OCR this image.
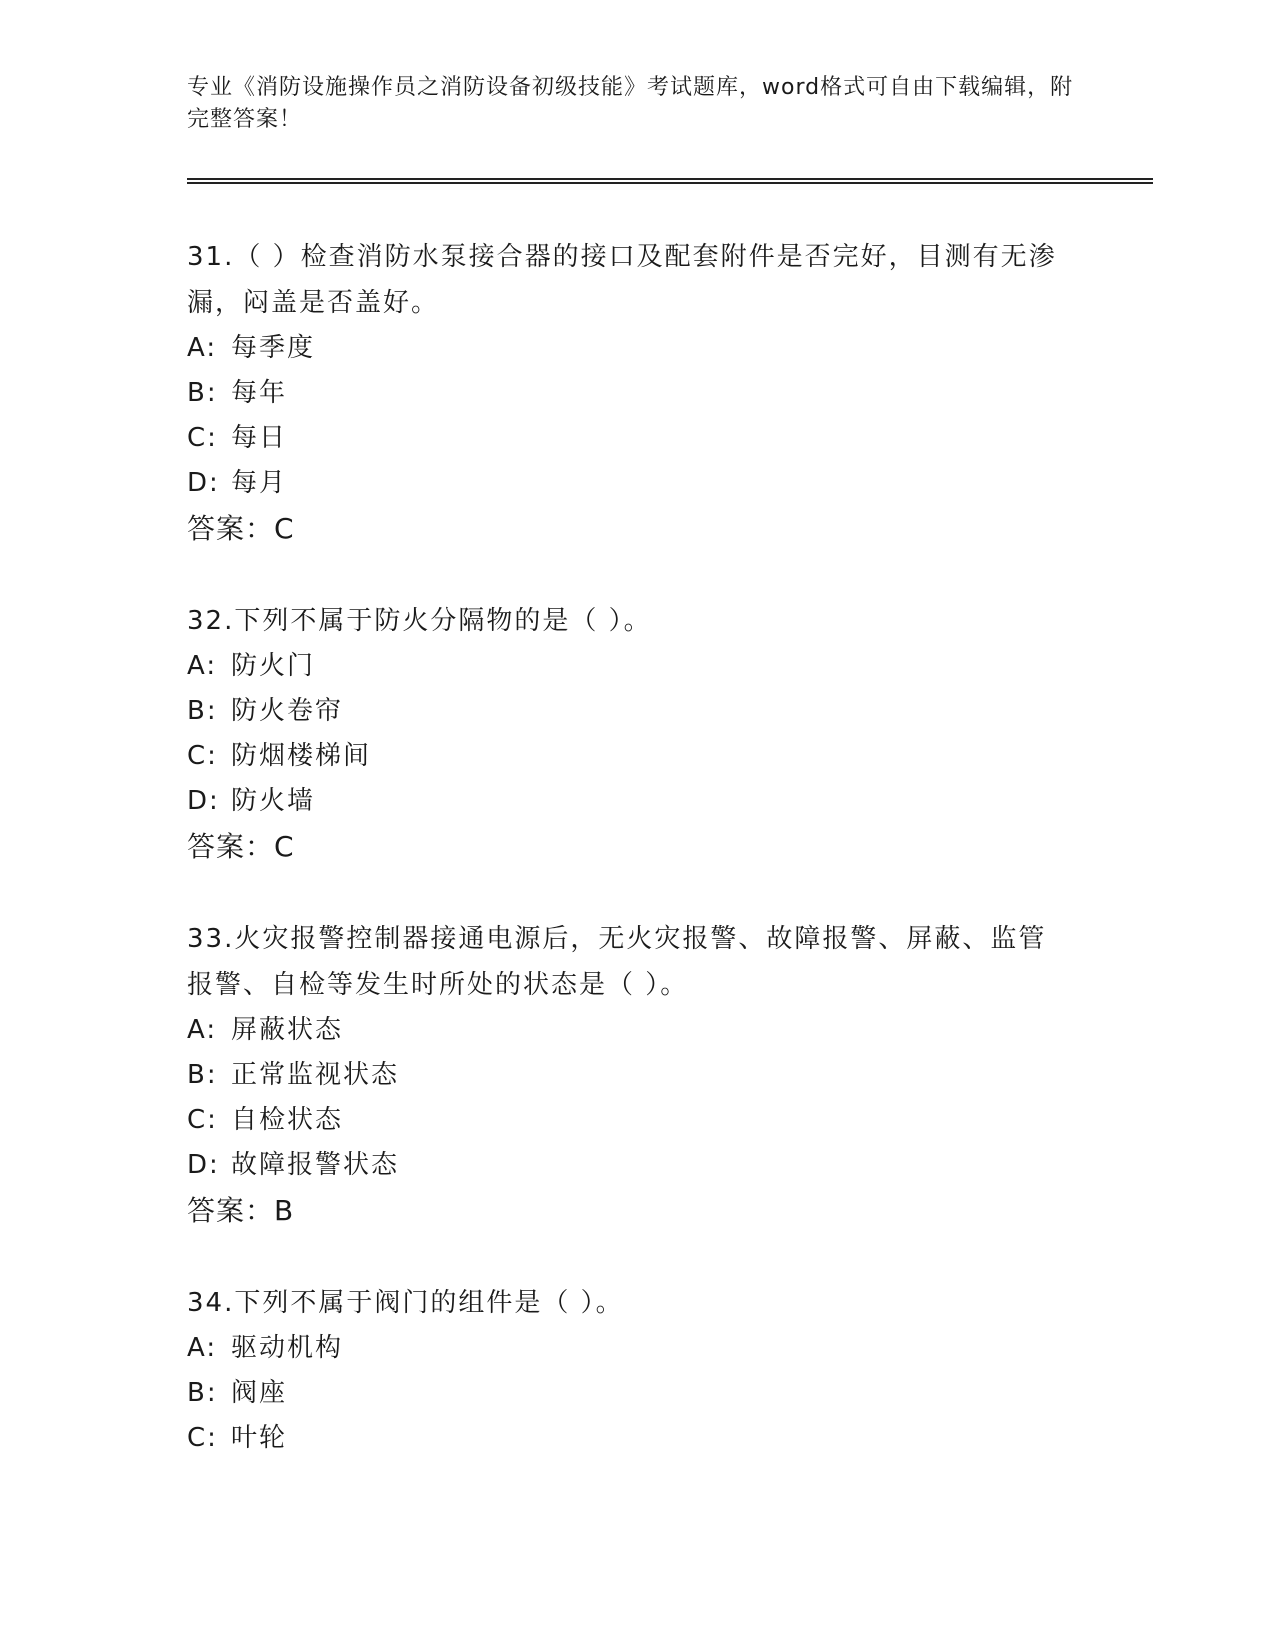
专业《消防设施操作员之消防设备初级技能》考试题库，word格式可自由下载编辑，附完整答案！
31.（ ）检查消防水泵接合器的接口及配套附件是否完好，目测有无渗漏，闷盖是否盖好。
A: 每季度
B: 每年
C: 每日
D: 每月
答案：C
32.下列不属于防火分隔物的是（ ）。
A: 防火门
B: 防火卷帘
C: 防烟楼梯间
D: 防火墙
答案：C
33.火灾报警控制器接通电源后，无火灾报警、故障报警、屏蔽、监管报警、自检等发生时所处的状态是（ ）。
A: 屏蔽状态
B: 正常监视状态
C: 自检状态
D: 故障报警状态
答案：B
34.下列不属于阀门的组件是（ ）。
A: 驱动机构
B: 阀座
C: 叶轮
